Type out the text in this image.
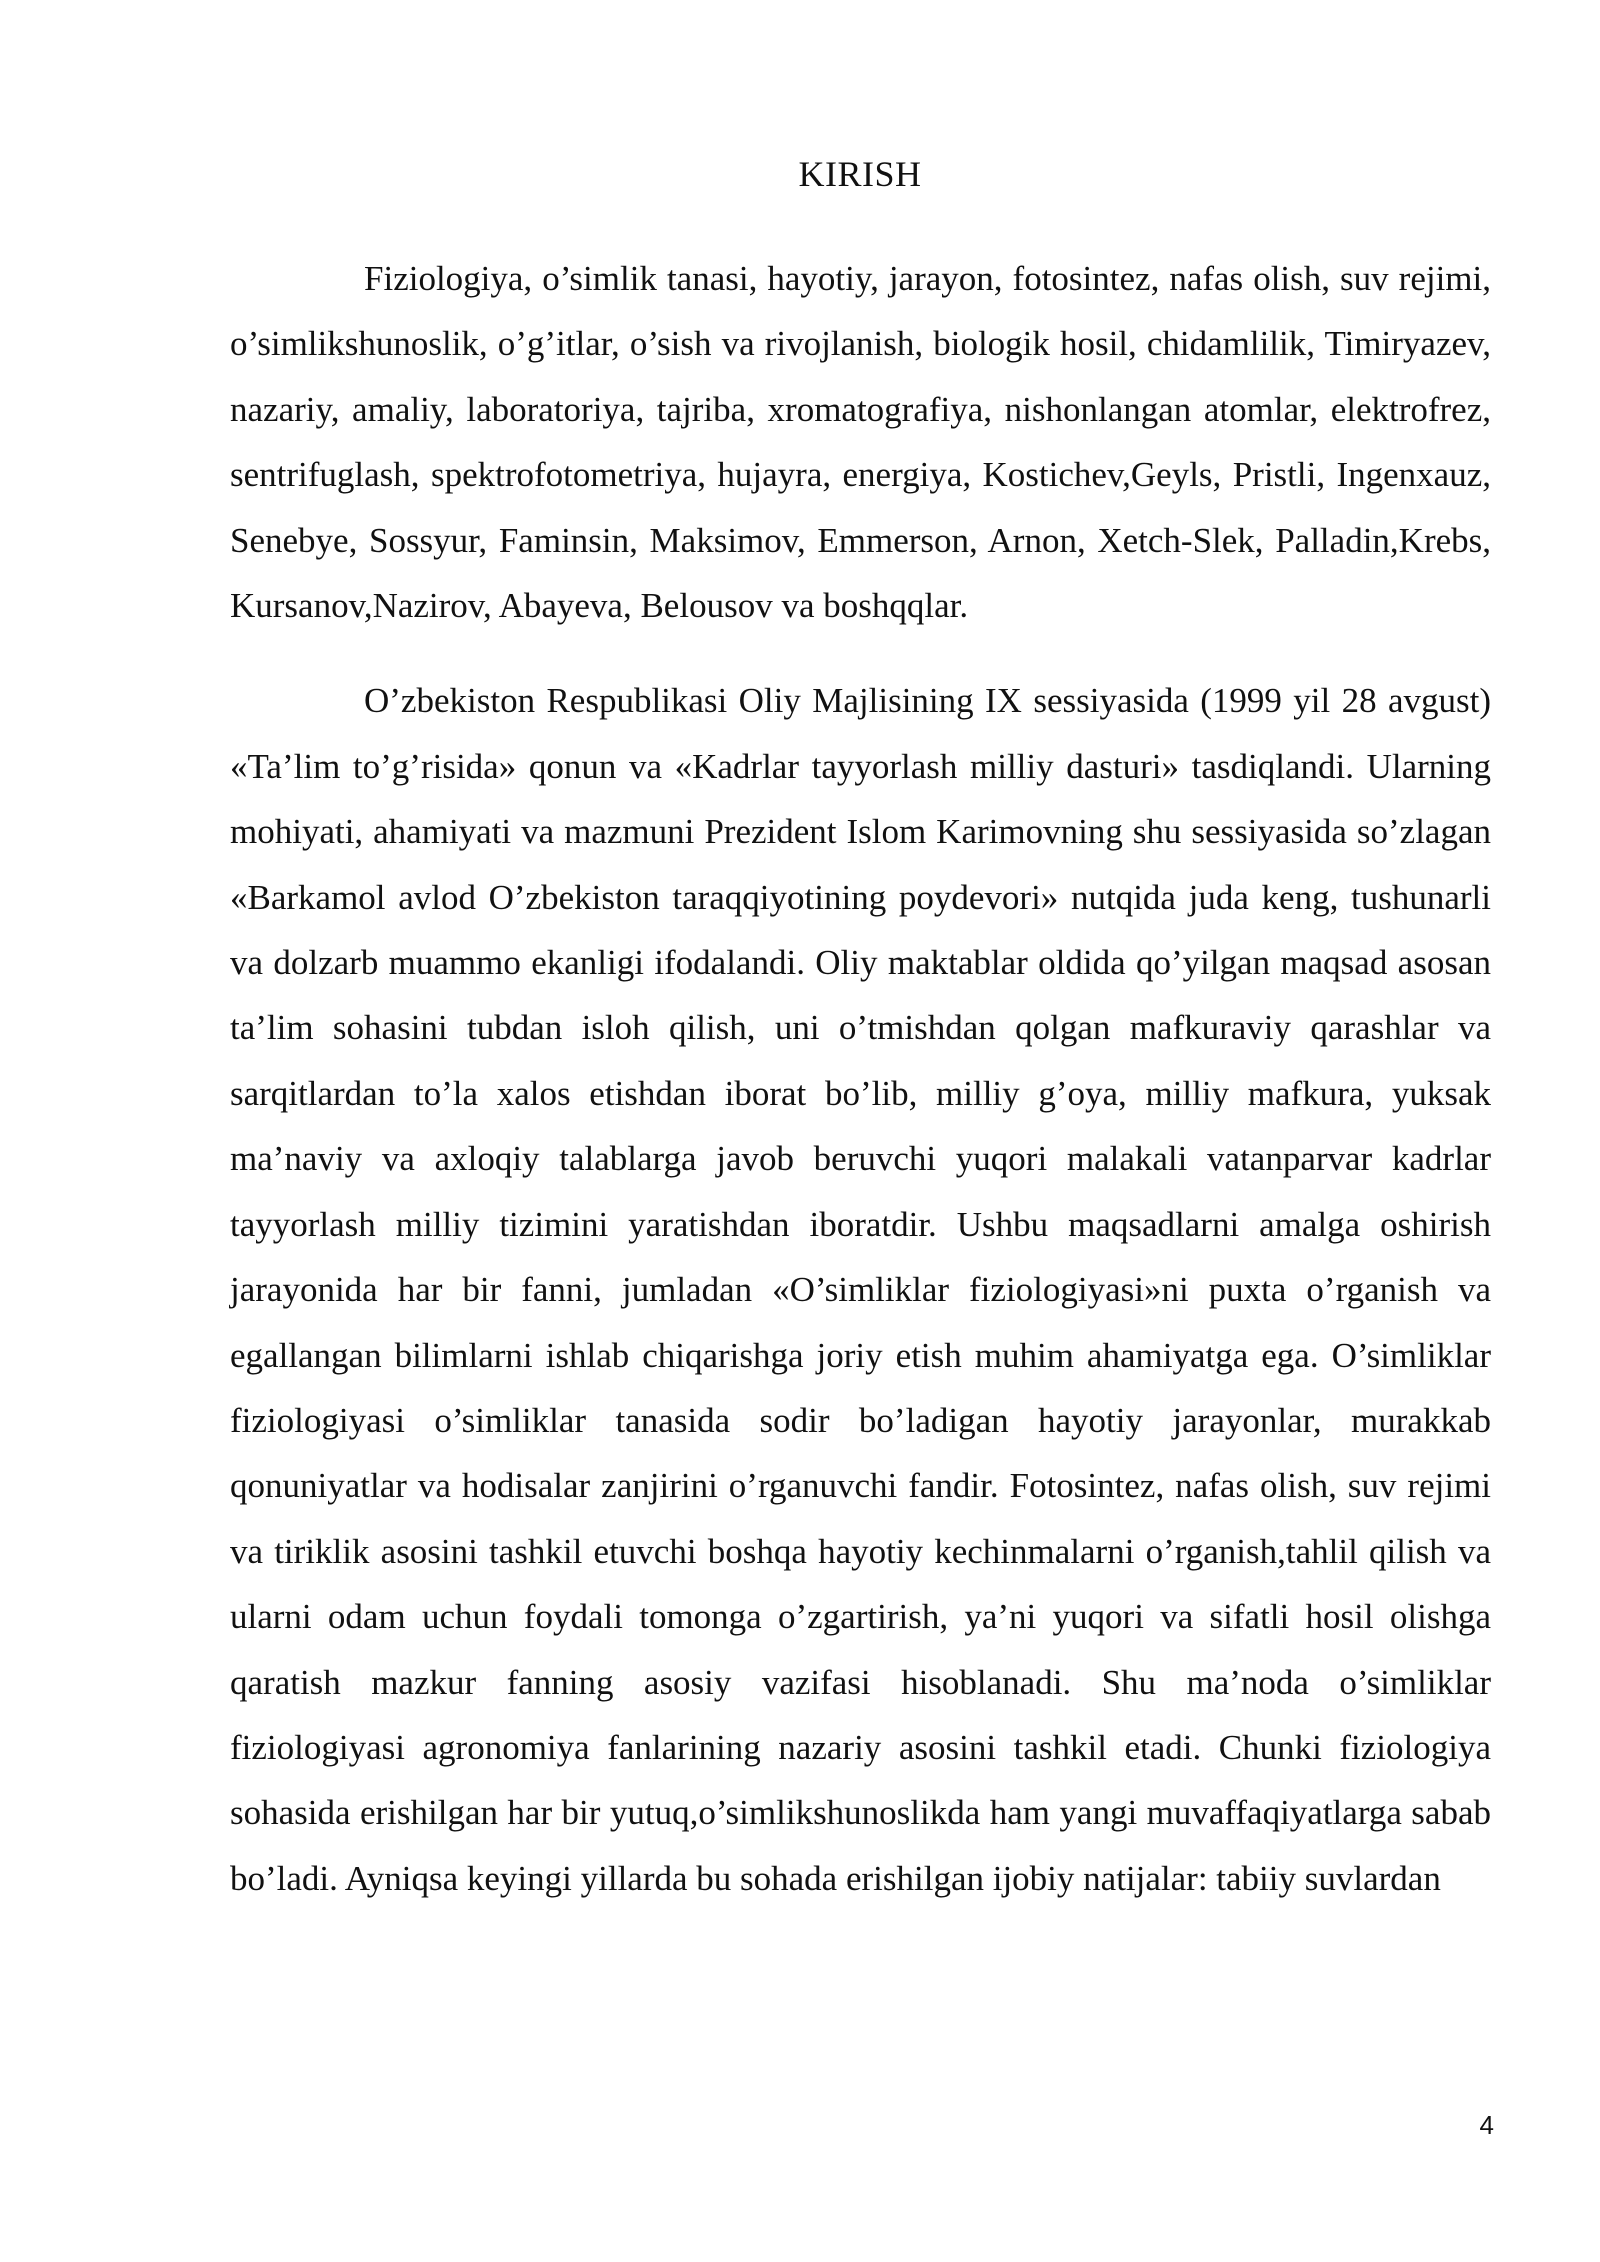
KIRISH

Fiziologiya, o’simlik tanasi, hayotiy, jarayon, fotosintez, nafas olish, suv rejimi, o’simlikshunoslik, o’g’itlar, o’sish va rivojlanish, biologik hosil, chidamlilik, Timiryazev, nazariy, amaliy, laboratoriya, tajriba, xromatografiya, nishonlangan atomlar, elektrofrez, sentrifuglash, spektrofotometriya, hujayra, energiya, Kostichev,Geyls, Pristli, Ingenxauz, Senebye, Sossyur, Faminsin, Maksimov, Emmerson, Arnon, Xetch-Slek, Palladin,Krebs, Kursanov,Nazirov, Abayeva, Belousov va boshqqlar.

O’zbekiston Respublikasi Oliy Majlisining IX sessiyasida (1999 yil 28 avgust) «Ta’lim to’g’risida» qonun va «Kadrlar tayyorlash milliy dasturi» tasdiqlandi. Ularning mohiyati, ahamiyati va mazmuni Prezident Islom Karimovning shu sessiyasida so’zlagan «Barkamol avlod O’zbekiston taraqqiyotining poydevori» nutqida juda keng, tushunarli va dolzarb muammo ekanligi ifodalandi. Oliy maktablar oldida qo’yilgan maqsad asosan ta’lim sohasini tubdan isloh qilish, uni o’tmishdan qolgan mafkuraviy qarashlar va sarqitlardan to’la xalos etishdan iborat bo’lib, milliy g’oya, milliy mafkura, yuksak ma’naviy va axloqiy talablarga javob beruvchi yuqori malakali vatanparvar kadrlar tayyorlash milliy tizimini yaratishdan iboratdir. Ushbu maqsadlarni amalga oshirish jarayonida har bir fanni, jumladan «O’simliklar fiziologiyasi»ni puxta o’rganish va egallangan bilimlarni ishlab chiqarishga joriy etish muhim ahamiyatga ega. O’simliklar fiziologiyasi o’simliklar tanasida sodir bo’ladigan hayotiy jarayonlar, murakkab qonuniyatlar va hodisalar zanjirini o’rganuvchi fandir. Fotosintez, nafas olish, suv rejimi va tiriklik asosini tashkil etuvchi boshqa hayotiy kechinmalarni o’rganish,tahlil qilish va ularni odam uchun foydali tomonga o’zgartirish, ya’ni yuqori va sifatli hosil olishga qaratish mazkur fanning asosiy vazifasi hisoblanadi. Shu ma’noda o’simliklar fiziologiyasi agronomiya fanlarining nazariy asosini tashkil etadi. Chunki fiziologiya sohasida erishilgan har bir yutuq,o’simlikshunoslikda ham yangi muvaffaqiyatlarga sabab bo’ladi. Ayniqsa keyingi yillarda bu sohada erishilgan ijobiy natijalar: tabiiy suvlardan

4
